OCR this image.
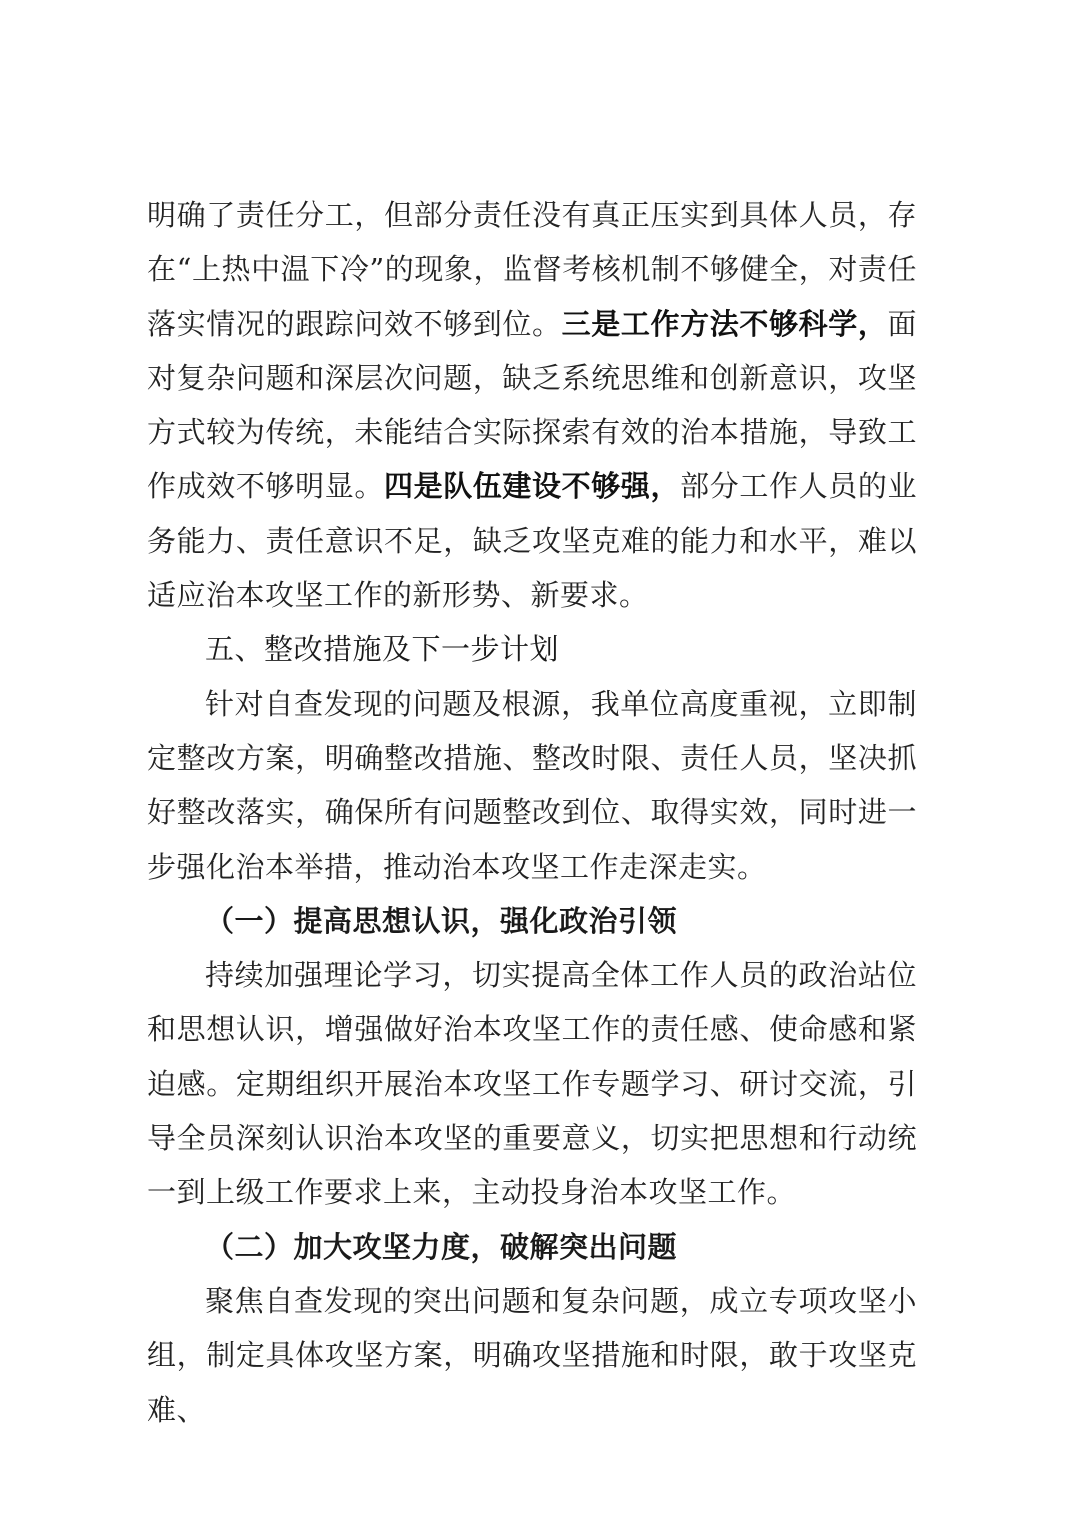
明确了责任分工，但部分责任没有真正压实到具体人员，存在“上热中温下冷”的现象，监督考核机制不够健全，对责任落实情况的跟踪问效不够到位。三是工作方法不够科学，面对复杂问题和深层次问题，缺乏系统思维和创新意识，攻坚方式较为传统，未能结合实际探索有效的治本措施，导致工作成效不够明显。四是队伍建设不够强，部分工作人员的业务能力、责任意识不足，缺乏攻坚克难的能力和水平，难以适应治本攻坚工作的新形势、新要求。

五、整改措施及下一步计划

针对自查发现的问题及根源，我单位高度重视，立即制定整改方案，明确整改措施、整改时限、责任人员，坚决抓好整改落实，确保所有问题整改到位、取得实效，同时进一步强化治本举措，推动治本攻坚工作走深走实。

（一）提高思想认识，强化政治引领

持续加强理论学习，切实提高全体工作人员的政治站位和思想认识，增强做好治本攻坚工作的责任感、使命感和紧迫感。定期组织开展治本攻坚工作专题学习、研讨交流，引导全员深刻认识治本攻坚的重要意义，切实把思想和行动统一到上级工作要求上来，主动投身治本攻坚工作。

（二）加大攻坚力度，破解突出问题

聚焦自查发现的突出问题和复杂问题，成立专项攻坚小组，制定具体攻坚方案，明确攻坚措施和时限，敢于攻坚克难、
